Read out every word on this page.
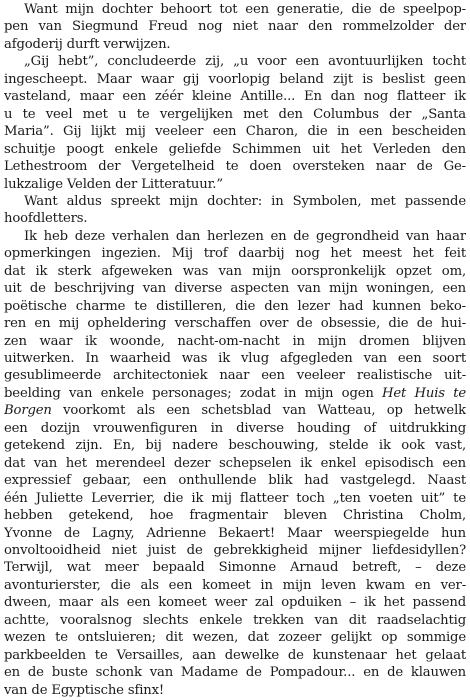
Want mijn dochter behoort tot een generatie, die de speelpop-
pen van Siegmund Freud nog niet naar den rommelzolder der
afgoderij durft verwijzen.
„Gij hebt”, concludeerde zij, „u voor een avontuurlijken tocht
ingescheept. Maar waar gij voorlopig beland zijt is beslist geen
vasteland, maar een zéér kleine Antille... En dan nog flatteer ik
u te veel met u te vergelijken met den Columbus der „Santa
Maria”. Gij lijkt mij veeleer een Charon, die in een bescheiden
schuitje poogt enkele geliefde Schimmen uit het Verleden den
Lethestroom der Vergetelheid te doen oversteken naar de Ge-
lukzalige Velden der Litteratuur.”
Want aldus spreekt mijn dochter: in Symbolen, met passende
hoofdletters.
Ik heb deze verhalen dan herlezen en de gegrondheid van haar
opmerkingen ingezien. Mij trof daarbij nog het meest het feit
dat ik sterk afgeweken was van mijn oorspronkelijk opzet om,
uit de beschrijving van diverse aspecten van mijn woningen, een
poëtische charme te distilleren, die den lezer had kunnen beko-
ren en mij opheldering verschaffen over de obsessie, die de hui-
zen waar ik woonde, nacht-om-nacht in mijn dromen blijven
uitwerken. In waarheid was ik vlug afgegleden van een soort
gesublimeerde architectoniek naar een veeleer realistische uit-
beelding van enkele personages; zodat in mijn ogen Het Huis te
Borgen voorkomt als een schetsblad van Watteau, op hetwelk
een dozijn vrouwenfiguren in diverse houding of uitdrukking
getekend zijn. En, bij nadere beschouwing, stelde ik ook vast,
dat van het merendeel dezer schepselen ik enkel episodisch een
expressief gebaar, een onthullende blik had vastgelegd. Naast
één Juliette Leverrier, die ik mij flatteer toch „ten voeten uit” te
hebben getekend, hoe fragmentair bleven Christina Cholm,
Yvonne de Lagny, Adrienne Bekaert! Maar weerspiegelde hun
onvoltooidheid niet juist de gebrekkigheid mijner liefdesidyllen?
Terwijl, wat meer bepaald Simonne Arnaud betreft, – deze
avonturierster, die als een komeet in mijn leven kwam en ver-
dween, maar als een komeet weer zal opduiken – ik het passend
achtte, vooralsnog slechts enkele trekken van dit raadselachtig
wezen te ontsluieren; dit wezen, dat zozeer gelijkt op sommige
parkbeelden te Versailles, aan dewelke de kunstenaar het gelaat
en de buste schonk van Madame de Pompadour... en de klauwen
van de Egyptische sfinx!
